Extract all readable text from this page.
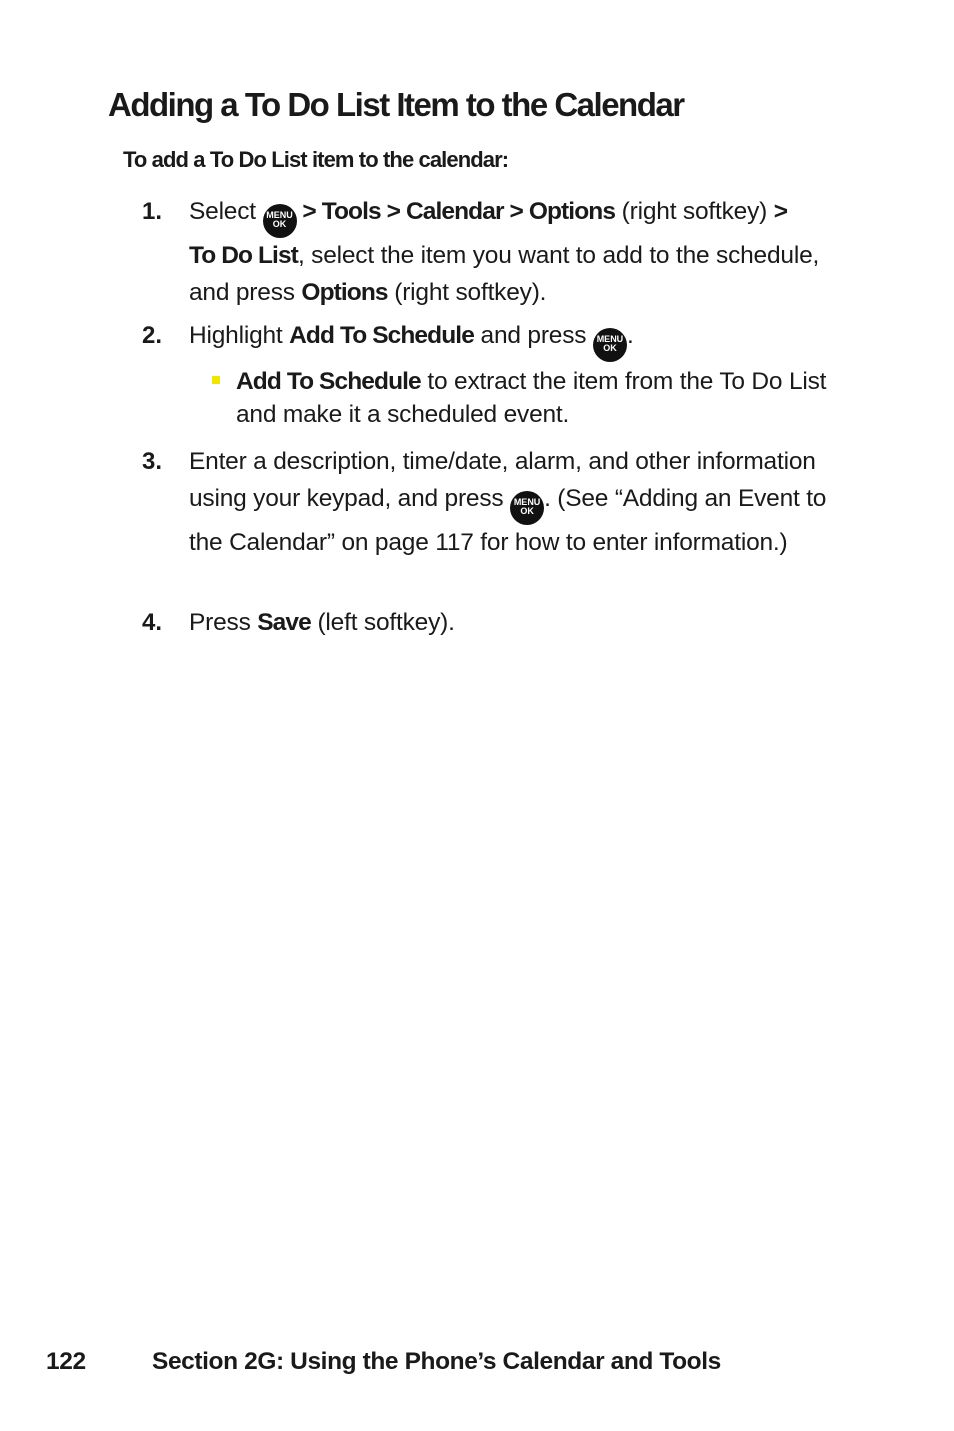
Adding a To Do List Item to the Calendar
To add a To Do List item to the calendar:
1. Select MENU
OK > Tools > Calendar > Options (right softkey) >
To Do List, select the item you want to add to the schedule, and press Options (right softkey).
2. Highlight Add To Schedule and press MENU
OK .
Add To Schedule to extract the item from the To Do List and make it a scheduled event.
3. Enter a description, time/date, alarm, and other information using your keypad, and press MENU
OK . (See “Adding an Event to the Calendar” on page 117 for how to enter information.)
4. Press Save (left softkey).
122	Section 2G: Using the Phone’s Calendar and Tools
